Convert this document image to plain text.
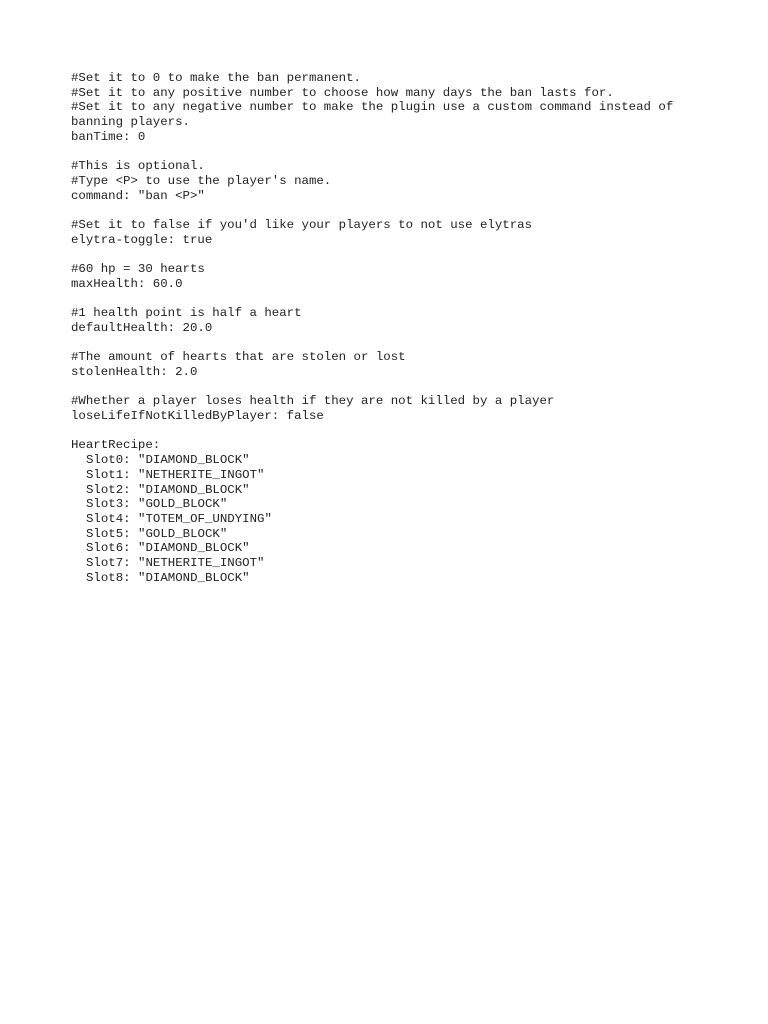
#Set it to 0 to make the ban permanent.
#Set it to any positive number to choose how many days the ban lasts for.
#Set it to any negative number to make the plugin use a custom command instead of banning players.
banTime: 0
#This is optional.
#Type <P> to use the player's name.
command: "ban <P>"
#Set it to false if you'd like your players to not use elytras
elytra-toggle: true
#60 hp = 30 hearts
maxHealth: 60.0
#1 health point is half a heart
defaultHealth: 20.0
#The amount of hearts that are stolen or lost
stolenHealth: 2.0
#Whether a player loses health if they are not killed by a player
loseLifeIfNotKilledByPlayer: false
HeartRecipe:
Slot0: "DIAMOND_BLOCK"
Slot1: "NETHERITE_INGOT"
Slot2: "DIAMOND_BLOCK"
Slot3: "GOLD_BLOCK"
Slot4: "TOTEM_OF_UNDYING"
Slot5: "GOLD_BLOCK"
Slot6: "DIAMOND_BLOCK"
Slot7: "NETHERITE_INGOT"
Slot8: "DIAMOND_BLOCK"
